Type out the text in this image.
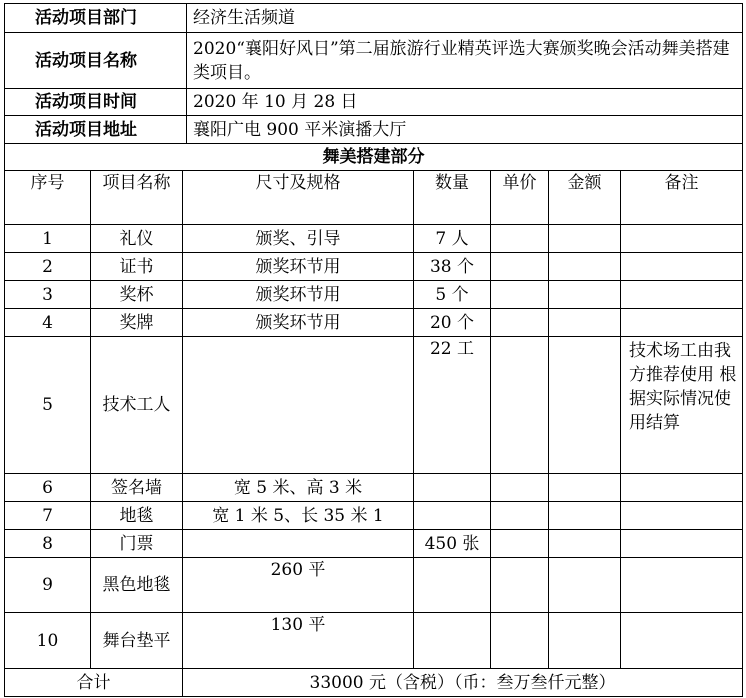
活动项目部门	经济生活频道
活动项目名称	2020“襄阳好风日”第二届旅游行业精英评选大赛颁奖晚会活动舞美搭建类项目。
活动项目时间	2020 年 10 月 28 日
活动项目地址	襄阳广电 900 平米演播大厅
舞美搭建部分						
序号	项目名称	尺寸及规格	数量	单价	金额	备注
1	礼仪	颁奖、引导	7 人			
2	证书	颁奖环节用	38 个			
3	奖杯	颁奖环节用	5 个			
4	奖牌	颁奖环节用	20 个			
5	技术工人		22 工			技术场工由我方推荐使用 根据实际情况使用结算
6	签名墙	宽 5 米、高 3 米				
7	地毯	宽 1 米 5、长 35 米 1				
8	门票		450 张			
9	黑色地毯	260 平				
10	舞台垫平	130 平				
合计		33000 元（含税）（币：叁万叁仟元整）				
